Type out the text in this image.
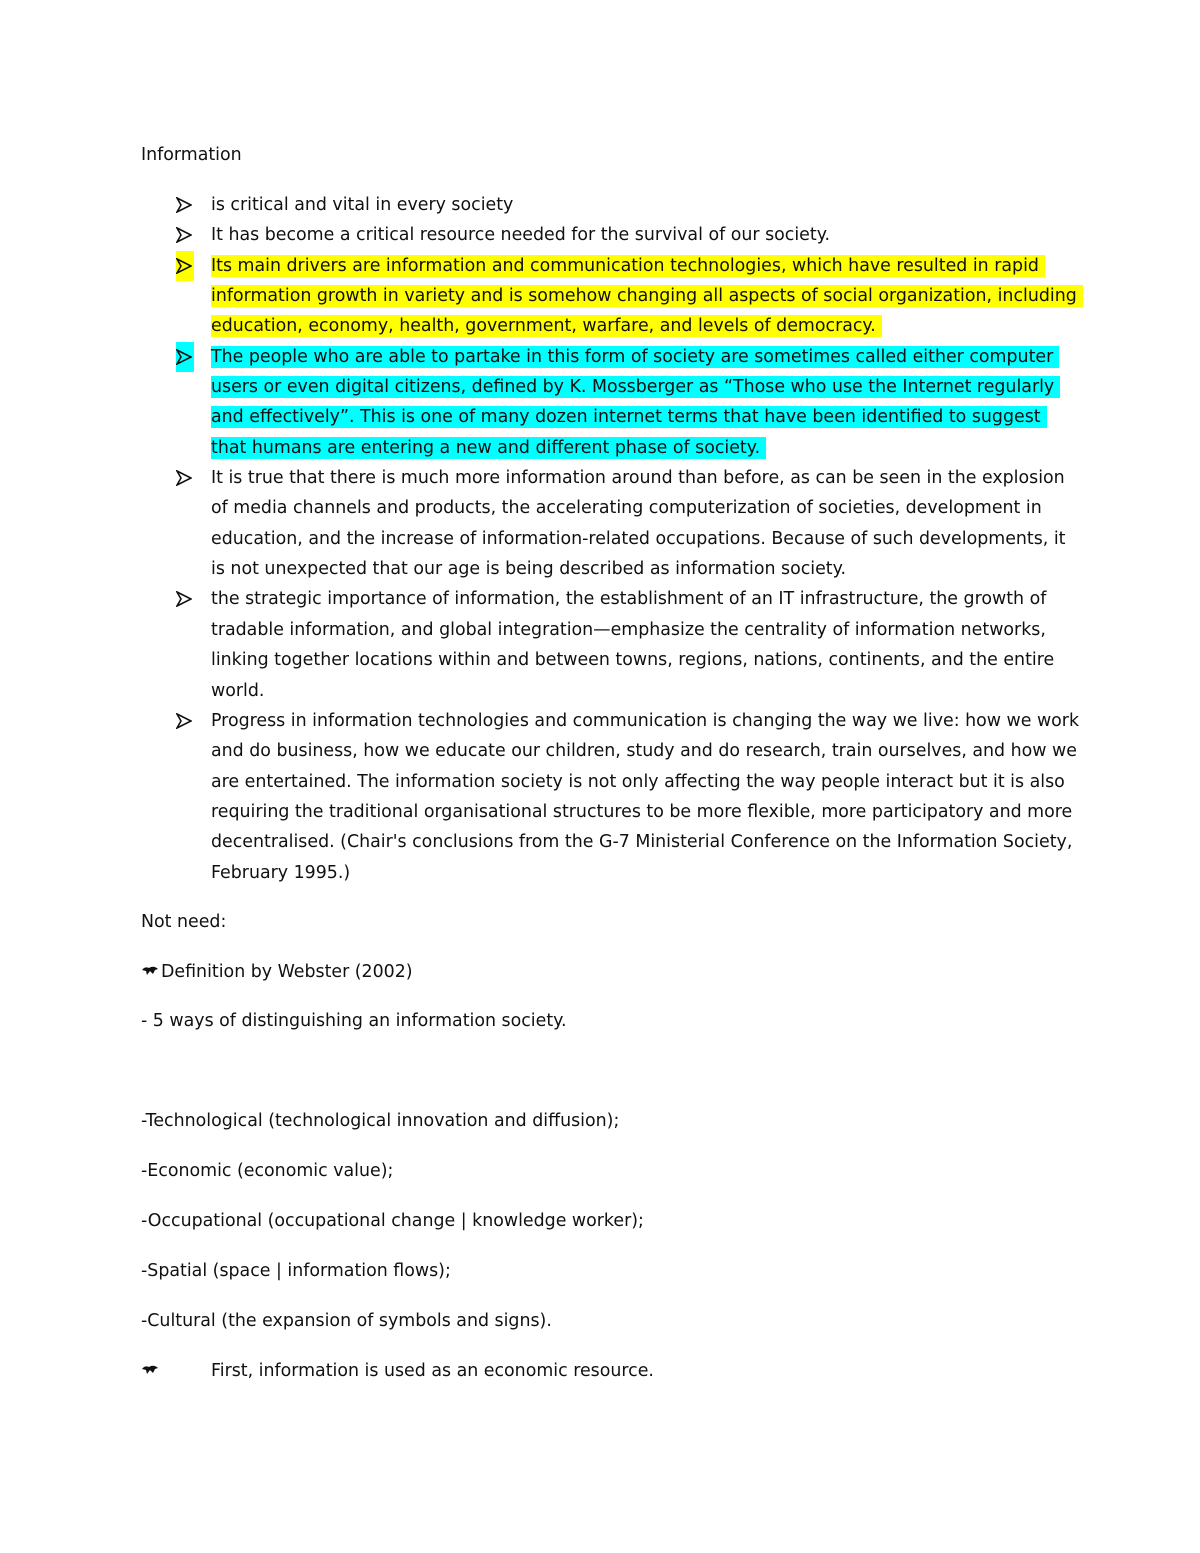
Information

is critical and vital in every society
It has become a critical resource needed for the survival of our society.
Its main drivers are information and communication technologies, which have resulted in rapid information growth in variety and is somehow changing all aspects of social organization, including education, economy, health, government, warfare, and levels of democracy.
The people who are able to partake in this form of society are sometimes called either computer users or even digital citizens, defined by K. Mossberger as “Those who use the Internet regularly and effectively”. This is one of many dozen internet terms that have been identified to suggest that humans are entering a new and different phase of society.
It is true that there is much more information around than before, as can be seen in the explosion of media channels and products, the accelerating computerization of societies, development in education, and the increase of information-related occupations. Because of such developments, it is not unexpected that our age is being described as information society.
the strategic importance of information, the establishment of an IT infrastructure, the growth of tradable information, and global integration—emphasize the centrality of information networks, linking together locations within and between towns, regions, nations, continents, and the entire world.
Progress in information technologies and communication is changing the way we live: how we work and do business, how we educate our children, study and do research, train ourselves, and how we are entertained. The information society is not only affecting the way people interact but it is also requiring the traditional organisational structures to be more flexible, more participatory and more decentralised. (Chair's conclusions from the G-7 Ministerial Conference on the Information Society, February 1995.)

Not need:

Definition by Webster (2002)

- 5 ways of distinguishing an information society.

-Technological (technological innovation and diffusion);

-Economic (economic value);

-Occupational (occupational change | knowledge worker);

-Spatial (space | information flows);

-Cultural (the expansion of symbols and signs).

First, information is used as an economic resource.
